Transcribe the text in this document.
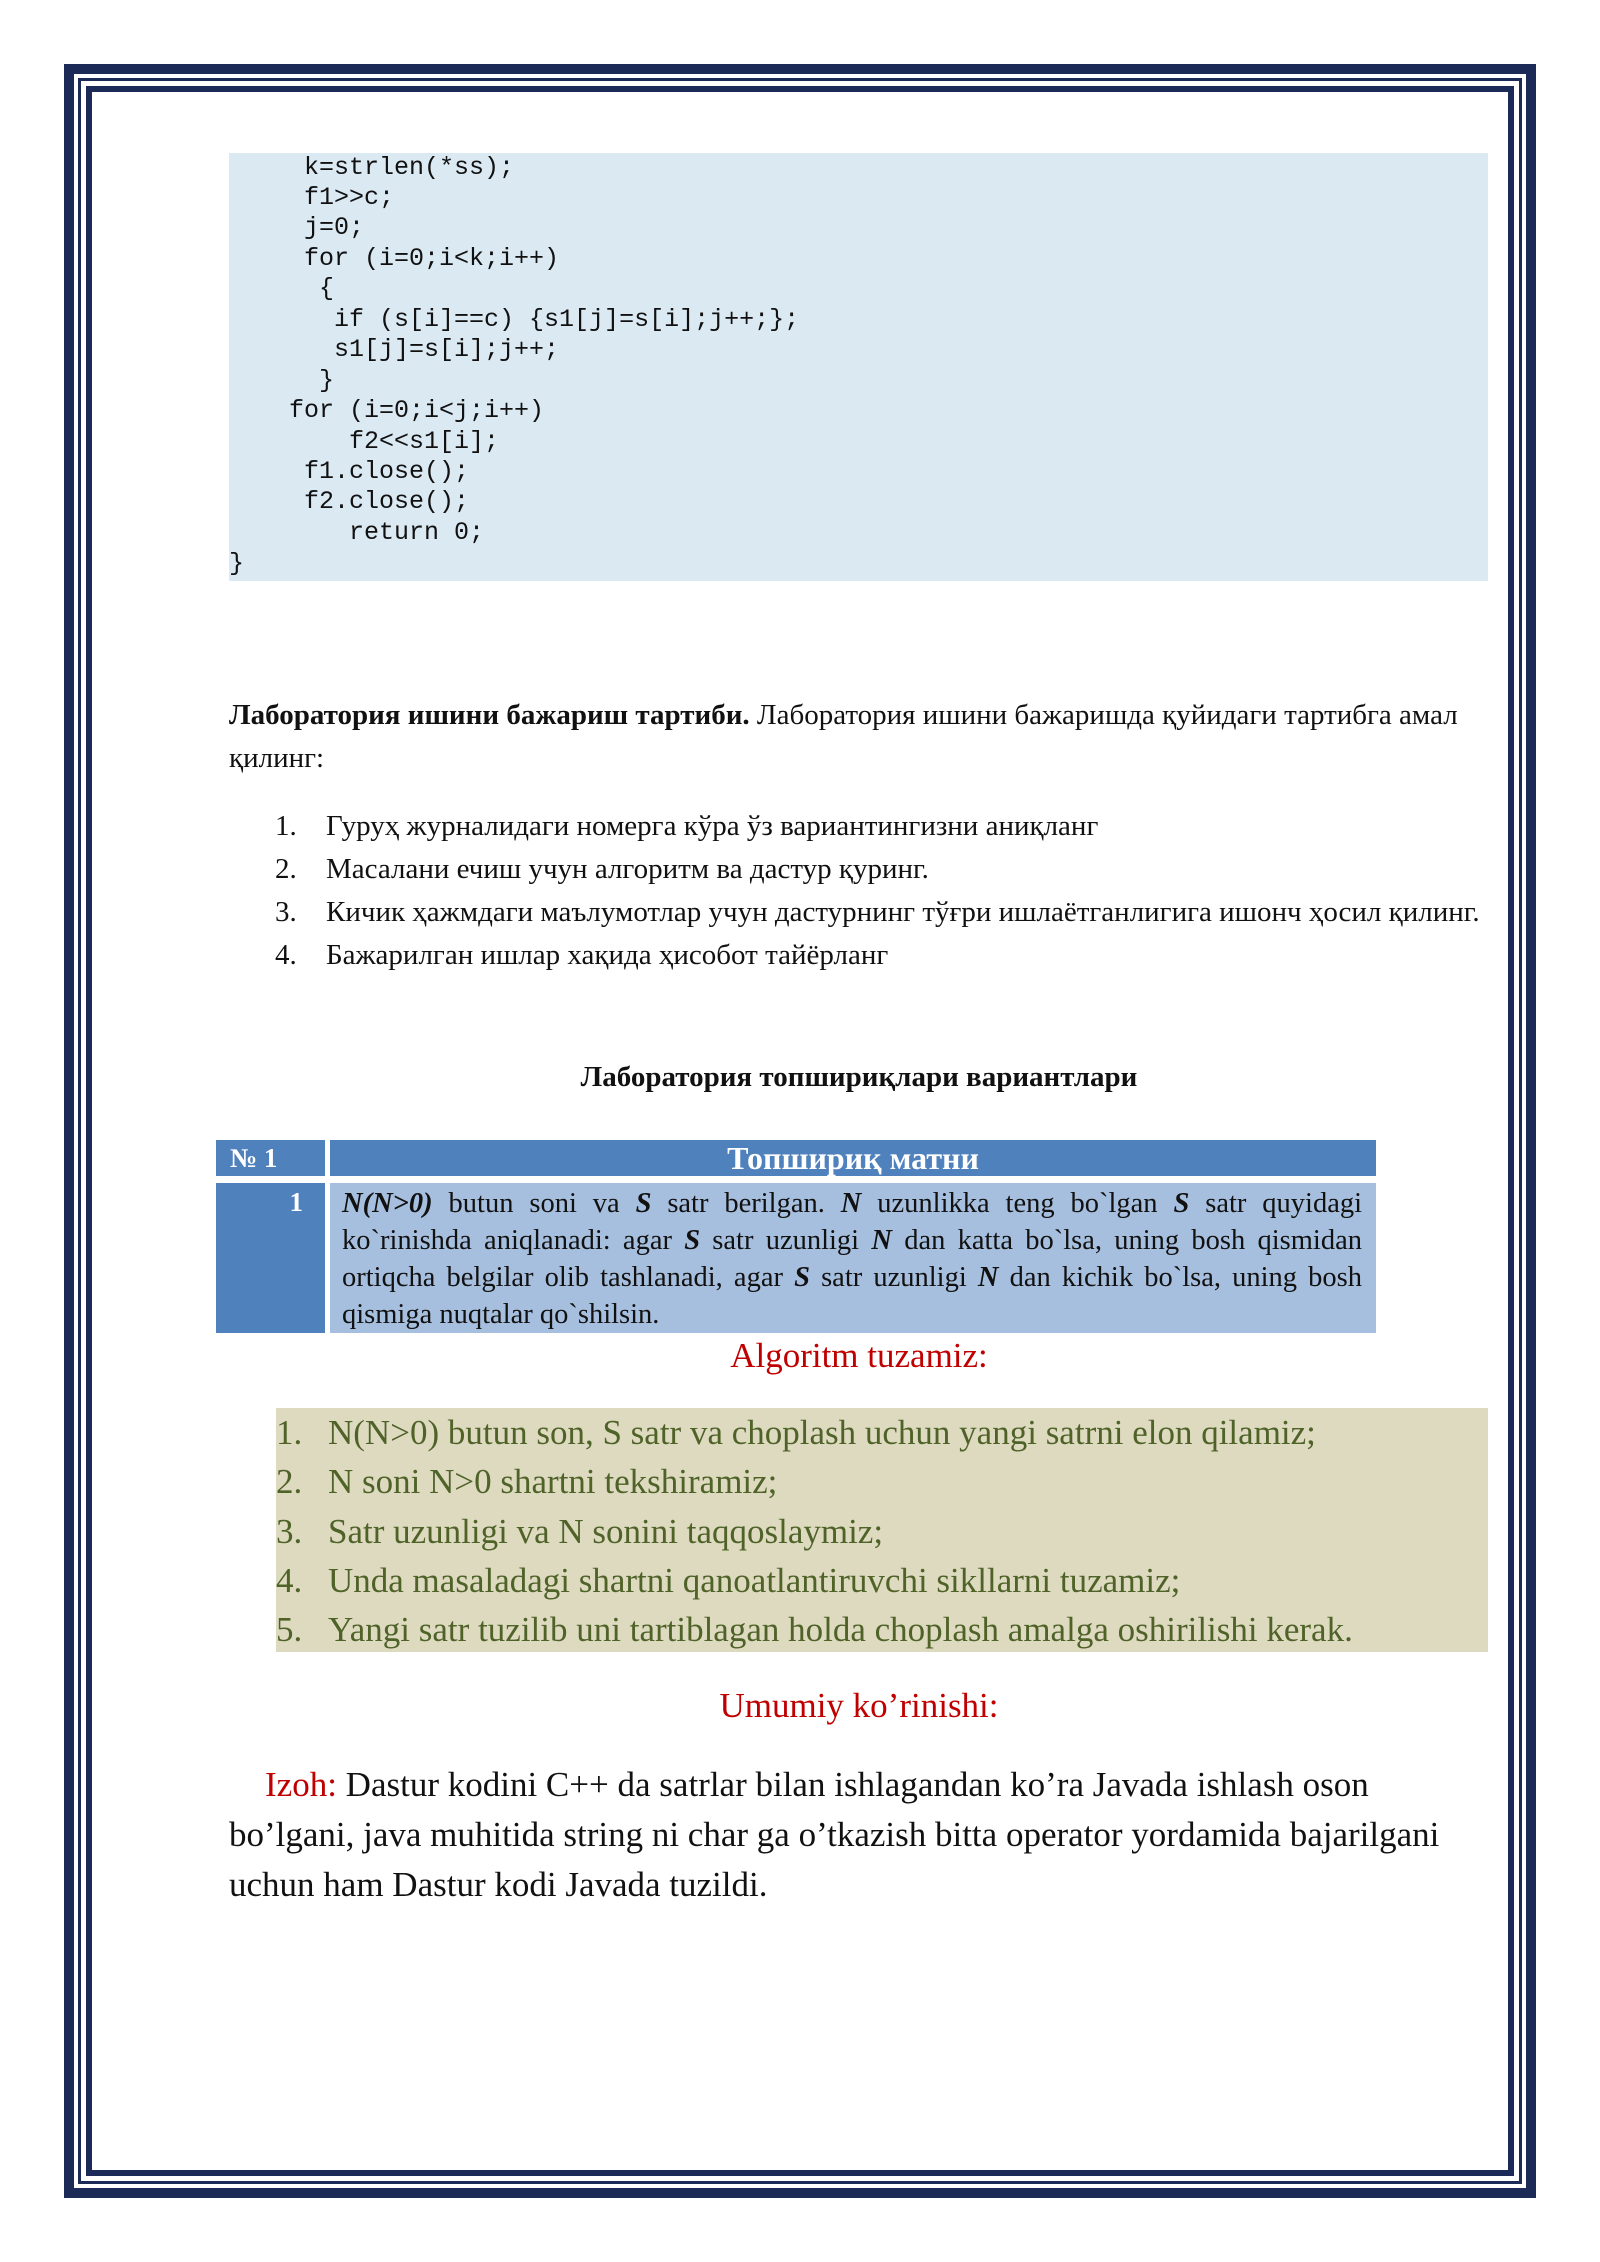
k=strlen(*ss);
f1>>c;
j=0;
for (i=0;i<k;i++)
{
if (s[i]==c) {s1[j]=s[i];j++;};
s1[j]=s[i];j++;
}
for (i=0;i<j;i++)
f2<<s1[i];
f1.close();
f2.close();
return 0;
}
Лаборатория ишини бажариш тартиби. Лаборатория ишини бажаришда қуйидаги тартибга амал қилинг:
1.	Гуруҳ журналидаги номерга кўра ўз вариантингизни аниқланг
2.	Масалани ечиш учун алгоритм ва дастур қуринг.
3.	Кичик ҳажмдаги маълумотлар учун дастурнинг тўғри ишлаётганлигига ишонч ҳосил қилинг.
4.	Бажарилган ишлар хақида ҳисобот тайёрланг
Лаборатория топшириқлари вариантлари
№ 1	Топшириқ матни
1	N(N>0) butun soni va S satr berilgan. N uzunlikka teng bo`lgan S satr quyidagi ko`rinishda aniqlanadi: agar S satr uzunligi N dan katta bo`lsa, uning bosh qismidan ortiqcha belgilar olib tashlanadi, agar S satr uzunligi N dan kichik bo`lsa, uning bosh qismiga nuqtalar qo`shilsin.
Algoritm tuzamiz:
1. N(N>0) butun son, S satr va choplash uchun yangi satrni elon qilamiz;
2. N soni N>0 shartni tekshiramiz;
3. Satr uzunligi va N sonini taqqoslaymiz;
4. Unda masaladagi shartni qanoatlantiruvchi sikllarni tuzamiz;
5. Yangi satr tuzilib uni tartiblagan holda choplash amalga oshirilishi kerak.
Umumiy ko’rinishi:
Izoh: Dastur kodini C++ da satrlar bilan ishlagandan ko’ra Javada ishlash oson bo’lgani, java muhitida string ni char ga o’tkazish bitta operator yordamida bajarilgani uchun ham Dastur kodi Javada tuzildi.
